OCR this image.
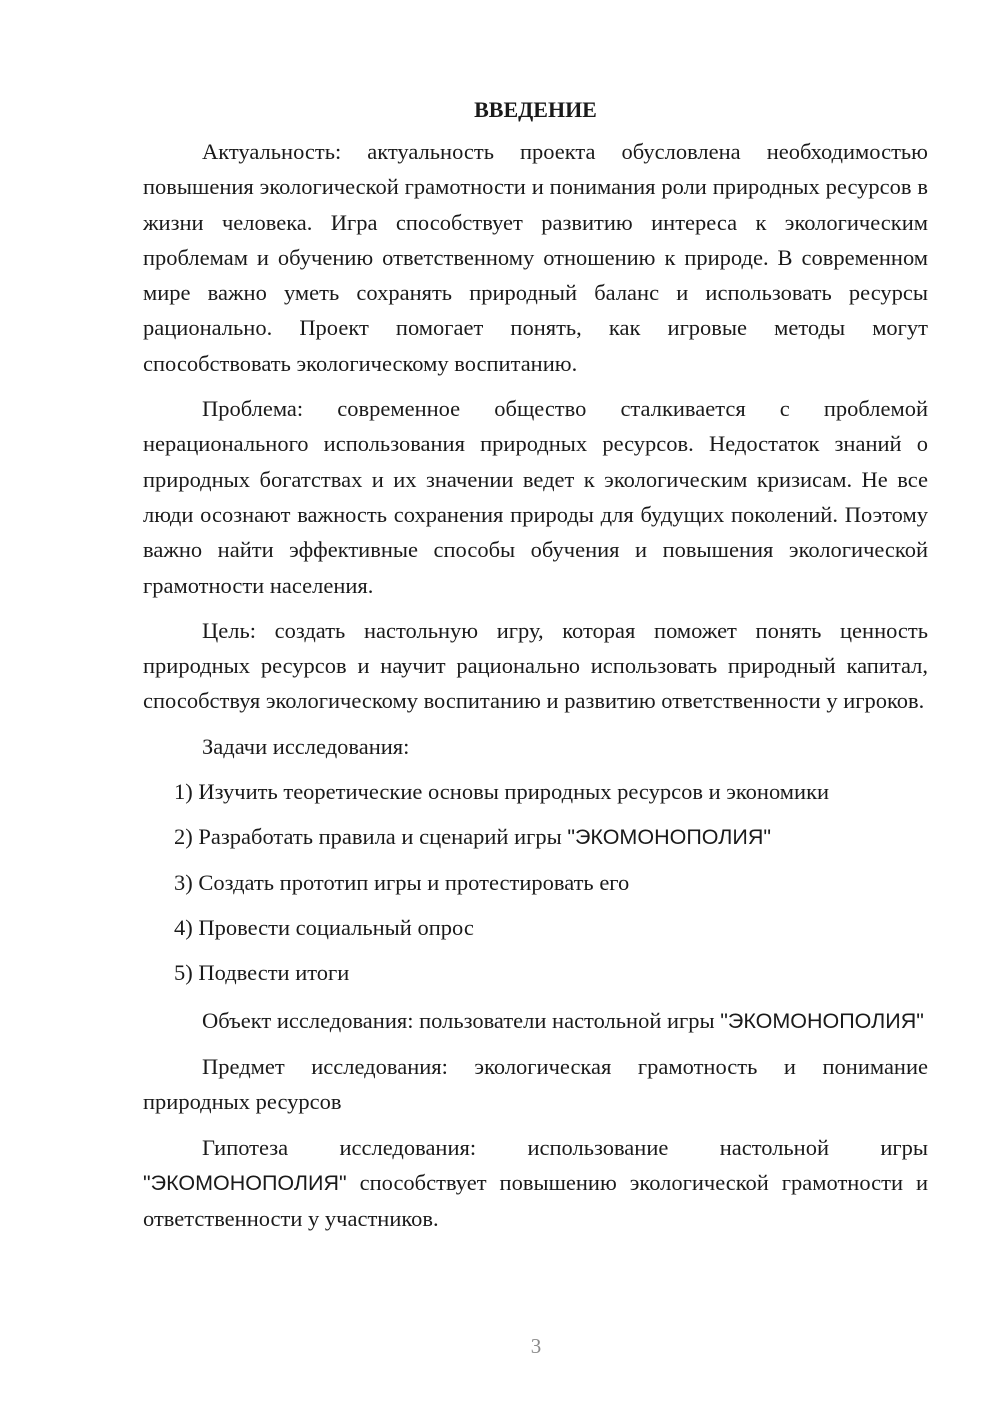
ВВЕДЕНИЕ

Актуальность: актуальность проекта обусловлена необходимостью повышения экологической грамотности и понимания роли природных ресурсов в жизни человека. Игра способствует развитию интереса к экологическим проблемам и обучению ответственному отношению к природе. В современном мире важно уметь сохранять природный баланс и использовать ресурсы рационально. Проект помогает понять, как игровые методы могут способствовать экологическому воспитанию.

Проблема: современное общество сталкивается с проблемой нерационального использования природных ресурсов. Недостаток знаний о природных богатствах и их значении ведет к экологическим кризисам. Не все люди осознают важность сохранения природы для будущих поколений. Поэтому важно найти эффективные способы обучения и повышения экологической грамотности населения.

Цель: создать настольную игру, которая поможет понять ценность природных ресурсов и научит рационально использовать природный капитал, способствуя экологическому воспитанию и развитию ответственности у игроков.

Задачи исследования:

1) Изучить теоретические основы природных ресурсов и экономики
2) Разработать правила и сценарий игры "ЭКОМОНОПОЛИЯ"
3) Создать прототип игры и протестировать его
4) Провести социальный опрос
5) Подвести итоги

Объект исследования: пользователи настольной игры "ЭКОМОНОПОЛИЯ"

Предмет исследования: экологическая грамотность и понимание природных ресурсов

Гипотеза исследования: использование настольной игры "ЭКОМОНОПОЛИЯ" способствует повышению экологической грамотности и ответственности у участников.

3
